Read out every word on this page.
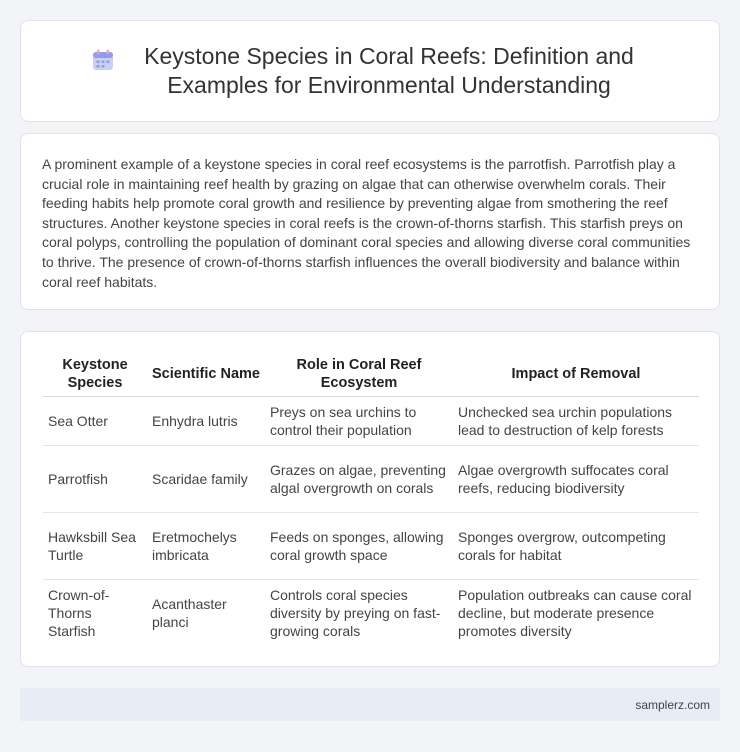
Keystone Species in Coral Reefs: Definition and Examples for Environmental Understanding

A prominent example of a keystone species in coral reef ecosystems is the parrotfish. Parrotfish play a crucial role in maintaining reef health by grazing on algae that can otherwise overwhelm corals. Their feeding habits help promote coral growth and resilience by preventing algae from smothering the reef structures. Another keystone species in coral reefs is the crown-of-thorns starfish. This starfish preys on coral polyps, controlling the population of dominant coral species and allowing diverse coral communities to thrive. The presence of crown-of-thorns starfish influences the overall biodiversity and balance within coral reef habitats.

Keystone Species	Scientific Name	Role in Coral Reef Ecosystem	Impact of Removal
Sea Otter	Enhydra lutris	Preys on sea urchins to control their population	Unchecked sea urchin populations lead to destruction of kelp forests
Parrotfish	Scaridae family	Grazes on algae, preventing algal overgrowth on corals	Algae overgrowth suffocates coral reefs, reducing biodiversity
Hawksbill Sea Turtle	Eretmochelys imbricata	Feeds on sponges, allowing coral growth space	Sponges overgrow, outcompeting corals for habitat
Crown-of-Thorns Starfish	Acanthaster planci	Controls coral species diversity by preying on fast-growing corals	Population outbreaks can cause coral decline, but moderate presence promotes diversity
samplerz.com
